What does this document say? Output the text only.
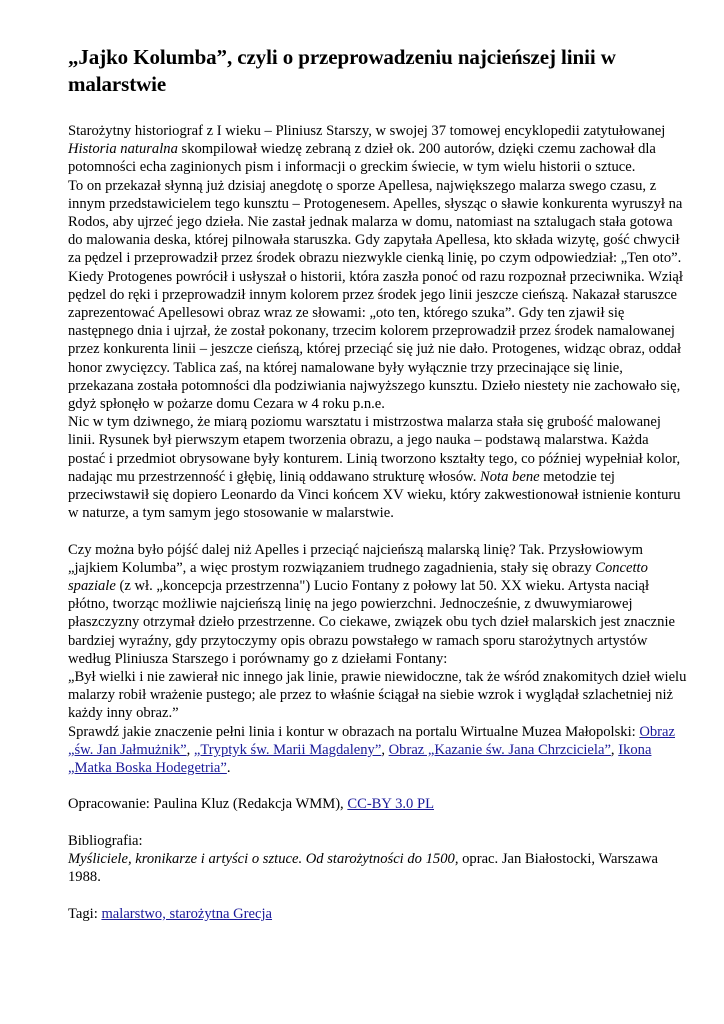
„Jajko Kolumba”, czyli o przeprowadzeniu najcieńszej linii w malarstwie

Starożytny historiograf z I wieku – Pliniusz Starszy, w swojej 37 tomowej encyklopedii zatytułowanej Historia naturalna skompilował wiedzę zebraną z dzieł ok. 200 autorów, dzięki czemu zachował dla potomności echa zaginionych pism i informacji o greckim świecie, w tym wielu historii o sztuce.

To on przekazał słynną już dzisiaj anegdotę o sporze Apellesa, największego malarza swego czasu, z innym przedstawicielem tego kunsztu – Protogenesem. Apelles, słysząc o sławie konkurenta wyruszył na Rodos, aby ujrzeć jego dzieła. Nie zastał jednak malarza w domu, natomiast na sztalugach stała gotowa do malowania deska, której pilnowała staruszka. Gdy zapytała Apellesa, kto składa wizytę, gość chwycił za pędzel i przeprowadził przez środek obrazu niezwykle cienką linię, po czym odpowiedział: „Ten oto”. Kiedy Protogenes powrócił i usłyszał o historii, która zaszła ponoć od razu rozpoznał przeciwnika. Wziął pędzel do ręki i przeprowadził innym kolorem przez środek jego linii jeszcze cieńszą. Nakazał staruszce zaprezentować Apellesowi obraz wraz ze słowami: „oto ten, którego szuka”. Gdy ten zjawił się następnego dnia i ujrzał, że został pokonany, trzecim kolorem przeprowadził przez środek namalowanej przez konkurenta linii – jeszcze cieńszą, której przeciąć się już nie dało. Protogenes, widząc obraz, oddał honor zwycięzcy. Tablica zaś, na której namalowane były wyłącznie trzy przecinające się linie, przekazana została potomności dla podziwiania najwyższego kunsztu. Dzieło niestety nie zachowało się, gdyż spłonęło w pożarze domu Cezara w 4 roku p.n.e.

Nic w tym dziwnego, że miarą poziomu warsztatu i mistrzostwa malarza stała się grubość malowanej linii. Rysunek był pierwszym etapem tworzenia obrazu, a jego nauka – podstawą malarstwa. Każda postać i przedmiot obrysowane były konturem. Linią tworzono kształty tego, co później wypełniał kolor, nadając mu przestrzenność i głębię, linią oddawano strukturę włosów. Nota bene metodzie tej przeciwstawił się dopiero Leonardo da Vinci końcem XV wieku, który zakwestionował istnienie konturu w naturze, a tym samym jego stosowanie w malarstwie.

Czy można było pójść dalej niż Apelles i przeciąć najcieńszą malarską linię? Tak. Przysłowiowym „jajkiem Kolumba”, a więc prostym rozwiązaniem trudnego zagadnienia, stały się obrazy Concetto spaziale (z wł. „koncepcja przestrzenna") Lucio Fontany z połowy lat 50. XX wieku. Artysta naciął płótno, tworząc możliwie najcieńszą linię na jego powierzchni. Jednocześnie, z dwuwymiarowej płaszczyzny otrzymał dzieło przestrzenne. Co ciekawe, związek obu tych dzieł malarskich jest znacznie bardziej wyraźny, gdy przytoczymy opis obrazu powstałego w ramach sporu starożytnych artystów według Pliniusza Starszego i porównamy go z dziełami Fontany:

„Był wielki i nie zawierał nic innego jak linie, prawie niewidoczne, tak że wśród znakomitych dzieł wielu malarzy robił wrażenie pustego; ale przez to właśnie ściągał na siebie wzrok i wyglądał szlachetniej niż każdy inny obraz.”

Sprawdź jakie znaczenie pełni linia i kontur w obrazach na portalu Wirtualne Muzea Małopolski: Obraz „św. Jan Jałmużnik”, „Tryptyk św. Marii Magdaleny”, Obraz „Kazanie św. Jana Chrzciciela”, Ikona „Matka Boska Hodegetria”.

Opracowanie: Paulina Kluz (Redakcja WMM), CC-BY 3.0 PL

Bibliografia:

Myśliciele, kronikarze i artyści o sztuce. Od starożytności do 1500, oprac. Jan Białostocki, Warszawa 1988.

Tagi: malarstwo, starożytna Grecja
